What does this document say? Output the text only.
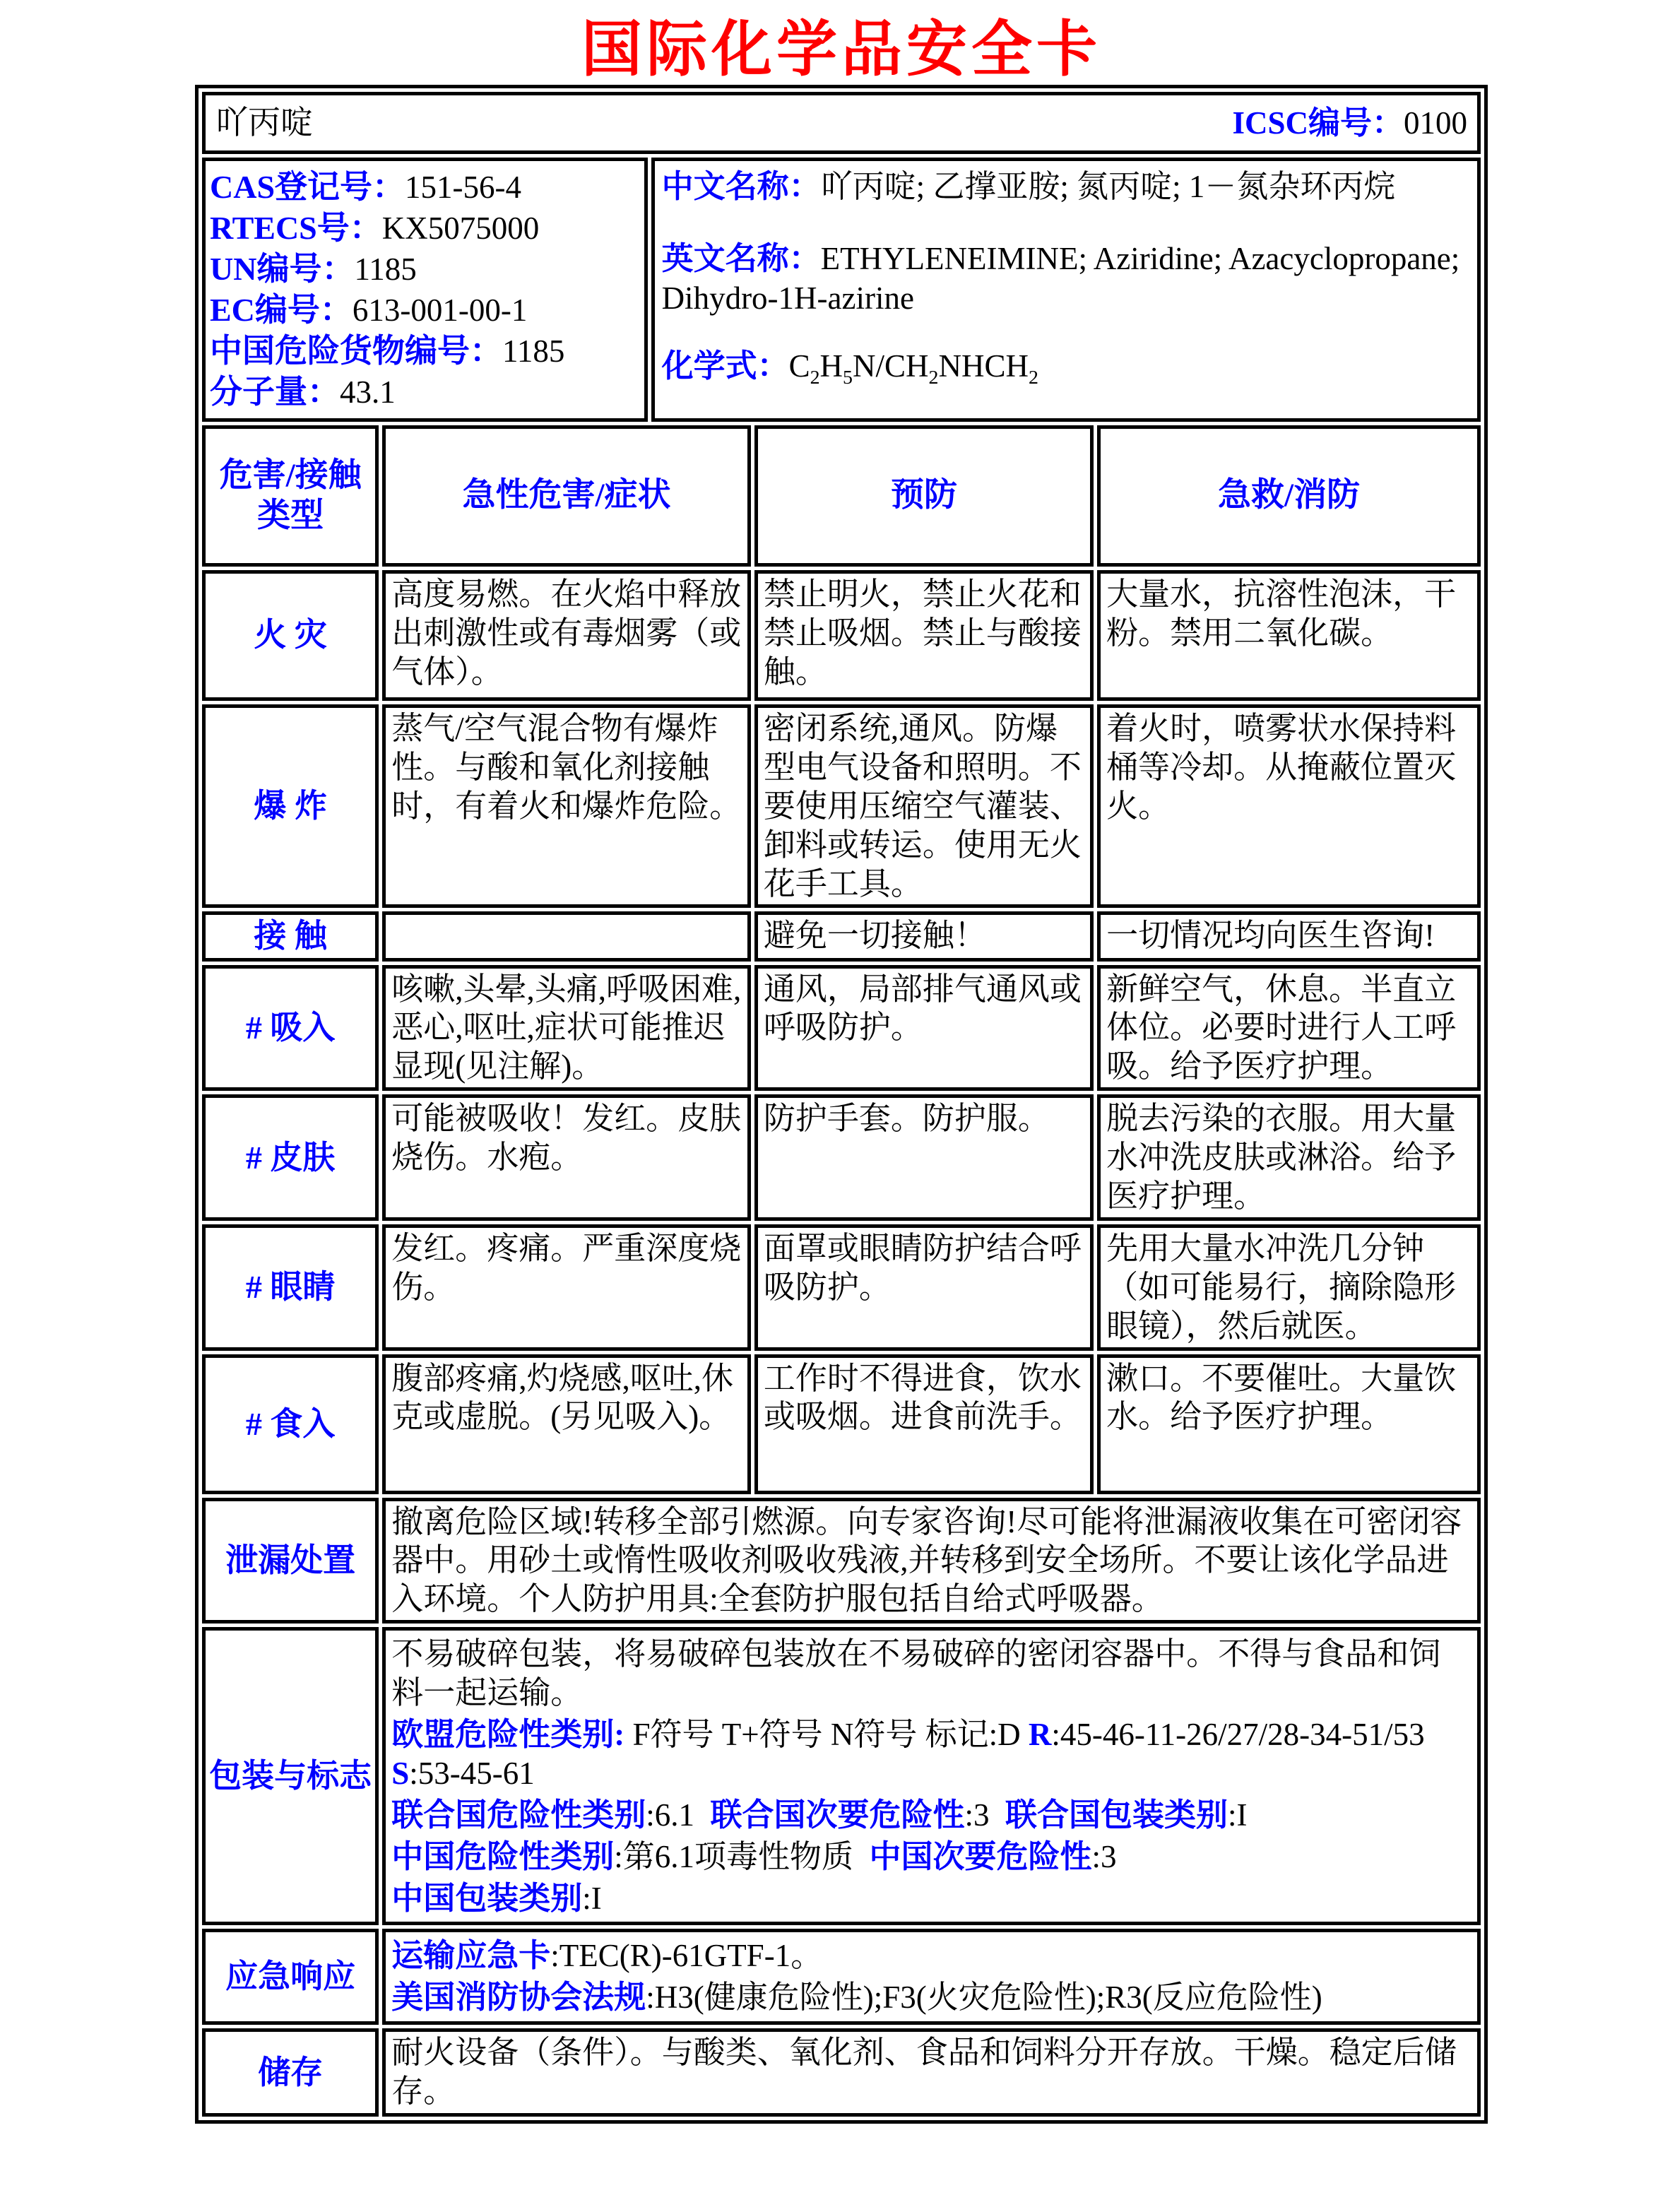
国际化学品安全卡
吖丙啶 ICSC编号：0100				

CAS登记号：151-56-4
RTECS号：KX5075000
UN编号：1185
EC编号：613-001-00-1
中国危险货物编号：1185
分子量：43.1

中文名称：吖丙啶; 乙撑亚胺; 氮丙啶; 1－氮杂环丙烷
英文名称：ETHYLENEIMINE; Aziridine; Azacyclopropane; Dihydro-1H-azirine
化学式：$C_2H_5N/CH_2NHCH_2$

危害/接触
类型	急性危害/症状		预防	急救/消防
火 灾	高度易燃。在火焰中释放出刺激性或有毒烟雾（或气体）。		禁止明火，禁止火花和禁止吸烟。禁止与酸接触。	大量水，抗溶性泡沫，干粉。禁用二氧化碳。
爆 炸	蒸气/空气混合物有爆炸性。与酸和氧化剂接触时，有着火和爆炸危险。		密闭系统,通风。防爆型电气设备和照明。不要使用压缩空气灌装、卸料或转运。使用无火花手工具。	着火时，喷雾状水保持料桶等冷却。从掩蔽位置灭火。
接 触			避免一切接触！	一切情况均向医生咨询!
# 吸入	咳嗽,头晕,头痛,呼吸困难,恶心,呕吐,症状可能推迟显现(见注解)。		通风，局部排气通风或呼吸防护。	新鲜空气，休息。半直立体位。必要时进行人工呼吸。给予医疗护理。
# 皮肤	可能被吸收！发红。皮肤烧伤。水疱。		防护手套。防护服。	脱去污染的衣服。用大量水冲洗皮肤或淋浴。给予医疗护理。
# 眼睛	发红。疼痛。严重深度烧伤。		面罩或眼睛防护结合呼吸防护。	先用大量水冲洗几分钟（如可能易行，摘除隐形眼镜），然后就医。
# 食入	腹部疼痛,灼烧感,呕吐,休克或虚脱。(另见吸入)。		工作时不得进食，饮水或吸烟。进食前洗手。	漱口。不要催吐。大量饮水。给予医疗护理。
泄漏处置	撤离危险区域!转移全部引燃源。向专家咨询!尽可能将泄漏液收集在可密闭容器中。用砂土或惰性吸收剂吸收残液,并转移到安全场所。不要让该化学品进入环境。个人防护用具:全套防护服包括自给式呼吸器。			
包装与标志	不易破碎包装，将易破碎包装放在不易破碎的密闭容器中。不得与食品和饲料一起运输。
欧盟危险性类别: F符号 T+符号 N符号 标记:D R:45-46-11-26/27/28-34-51/53   S:53-45-61
联合国危险性类别:6.1  联合国次要危险性:3  联合国包装类别:I
中国危险性类别:第6.1项毒性物质  中国次要危险性:3
中国包装类别:I			

应急响应	运输应急卡:TEC(R)-61GTF-1。
美国消防协会法规:H3(健康危险性);F3(火灾危险性);R3(反应危险性)			

储存	耐火设备（条件）。与酸类、氧化剂、食品和饲料分开存放。干燥。稳定后储存。			
